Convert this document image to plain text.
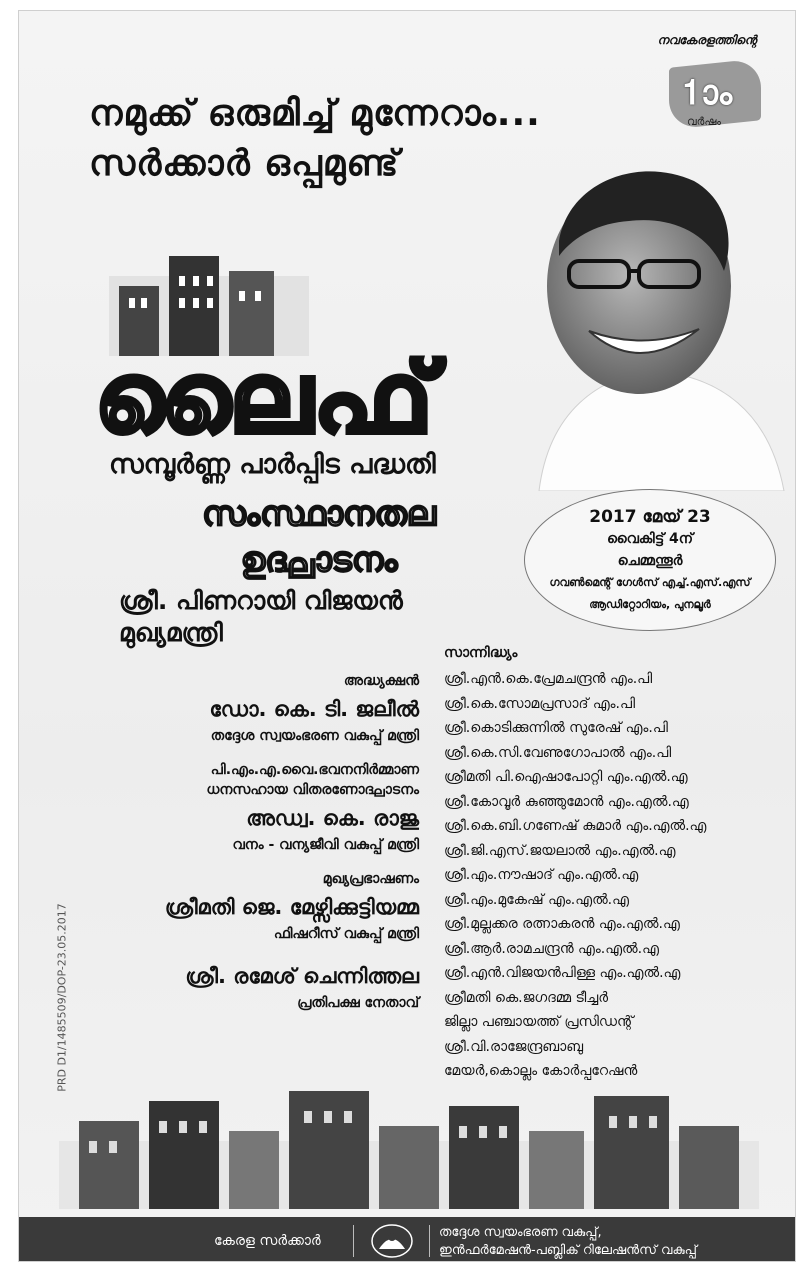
നവകേരളത്തിന്റെ
1ാം
വർഷം
നമുക്ക് ഒരുമിച്ച് മുന്നേറാം...
സർക്കാർ ഒപ്പമുണ്ട്
ലൈഫ്
സമ്പൂർണ്ണ പാർപ്പിട പദ്ധതി
സംസ്ഥാനതല
ഉദ്ഘാടനം
ശ്രീ. പിണറായി വിജയൻ
മുഖ്യമന്ത്രി
2017 മേയ് 23
വൈകിട്ട് 4ന്
ചെമ്മന്തൂർ
ഗവൺമെന്റ് ഗേൾസ് എച്ച്.എസ്.എസ്
ആഡിറ്റോറിയം, പുനലൂർ
അദ്ധ്യക്ഷൻ
ഡോ. കെ. ടി. ജലീൽ
തദ്ദേശ സ്വയംഭരണ വകുപ്പ് മന്ത്രി
പി.എം.എ.വൈ.ഭവനനിർമ്മാണ
ധനസഹായ വിതരണോദ്ഘാടനം
അഡ്വ. കെ. രാജു
വനം - വന്യജീവി വകുപ്പ് മന്ത്രി
മുഖ്യപ്രഭാഷണം
ശ്രീമതി ജെ. മേഴ്സിക്കുട്ടിയമ്മ
ഫിഷറീസ് വകുപ്പ് മന്ത്രി
ശ്രീ. രമേശ് ചെന്നിത്തല
പ്രതിപക്ഷ നേതാവ്
സാന്നിദ്ധ്യം
ശ്രീ.എൻ.കെ.പ്രേമചന്ദ്രൻ എം.പി
ശ്രീ.കെ.സോമപ്രസാദ് എം.പി
ശ്രീ.കൊടിക്കുന്നിൽ സുരേഷ് എം.പി
ശ്രീ.കെ.സി.വേണുഗോപാൽ എം.പി
ശ്രീമതി പി.ഐഷാപോറ്റി എം.എൽ.എ
ശ്രീ.കോവൂർ കുഞ്ഞുമോൻ എം.എൽ.എ
ശ്രീ.കെ.ബി.ഗണേഷ് കുമാർ എം.എൽ.എ
ശ്രീ.ജി.എസ്.ജയലാൽ എം.എൽ.എ
ശ്രീ.എം.നൗഷാദ് എം.എൽ.എ
ശ്രീ.എം.മുകേഷ് എം.എൽ.എ
ശ്രീ.മുല്ലക്കര രത്നാകരൻ എം.എൽ.എ
ശ്രീ.ആർ.രാമചന്ദ്രൻ എം.എൽ.എ
ശ്രീ.എൻ.വിജയൻപിള്ള എം.എൽ.എ
ശ്രീമതി കെ.ജഗദമ്മ ടീച്ചർ
ജില്ലാ പഞ്ചായത്ത് പ്രസിഡന്റ്
ശ്രീ.വി.രാജേന്ദ്രബാബു
മേയർ,കൊല്ലം കോർപ്പറേഷൻ
PRD D1/1485509/DOP-23.05.2017
കേരള സർക്കാർ
തദ്ദേശ സ്വയംഭരണ വകുപ്പ്,
ഇൻഫർമേഷൻ-പബ്ലിക് റിലേഷൻസ് വകുപ്പ്
